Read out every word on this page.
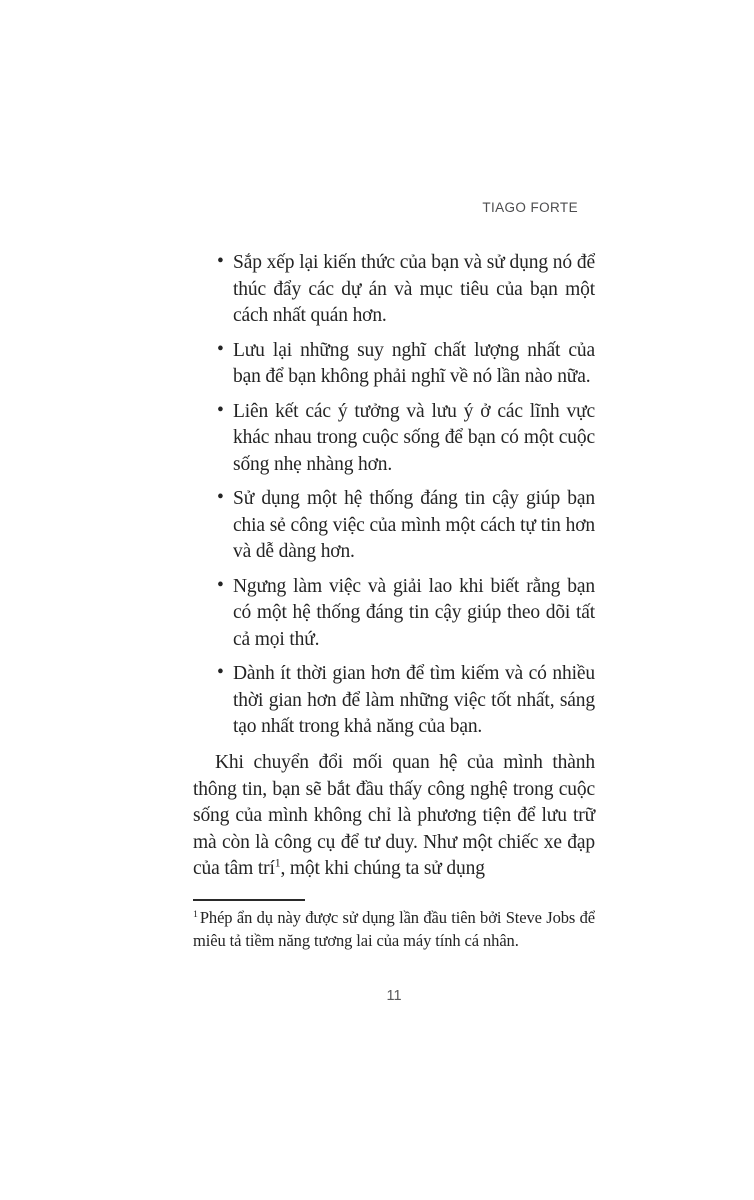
TIAGO FORTE
• Sắp xếp lại kiến thức của bạn và sử dụng nó để thúc đẩy các dự án và mục tiêu của bạn một cách nhất quán hơn.
• Lưu lại những suy nghĩ chất lượng nhất của bạn để bạn không phải nghĩ về nó lần nào nữa.
• Liên kết các ý tưởng và lưu ý ở các lĩnh vực khác nhau trong cuộc sống để bạn có một cuộc sống nhẹ nhàng hơn.
• Sử dụng một hệ thống đáng tin cậy giúp bạn chia sẻ công việc của mình một cách tự tin hơn và dễ dàng hơn.
• Ngưng làm việc và giải lao khi biết rằng bạn có một hệ thống đáng tin cậy giúp theo dõi tất cả mọi thứ.
• Dành ít thời gian hơn để tìm kiếm và có nhiều thời gian hơn để làm những việc tốt nhất, sáng tạo nhất trong khả năng của bạn.

Khi chuyển đổi mối quan hệ của mình thành thông tin, bạn sẽ bắt đầu thấy công nghệ trong cuộc sống của mình không chỉ là phương tiện để lưu trữ mà còn là công cụ để tư duy. Như một chiếc xe đạp của tâm trí$^1$, một khi chúng ta sử dụng

$^1$ Phép ẩn dụ này được sử dụng lần đầu tiên bởi Steve Jobs để miêu tả tiềm năng tương lai của máy tính cá nhân.

11
